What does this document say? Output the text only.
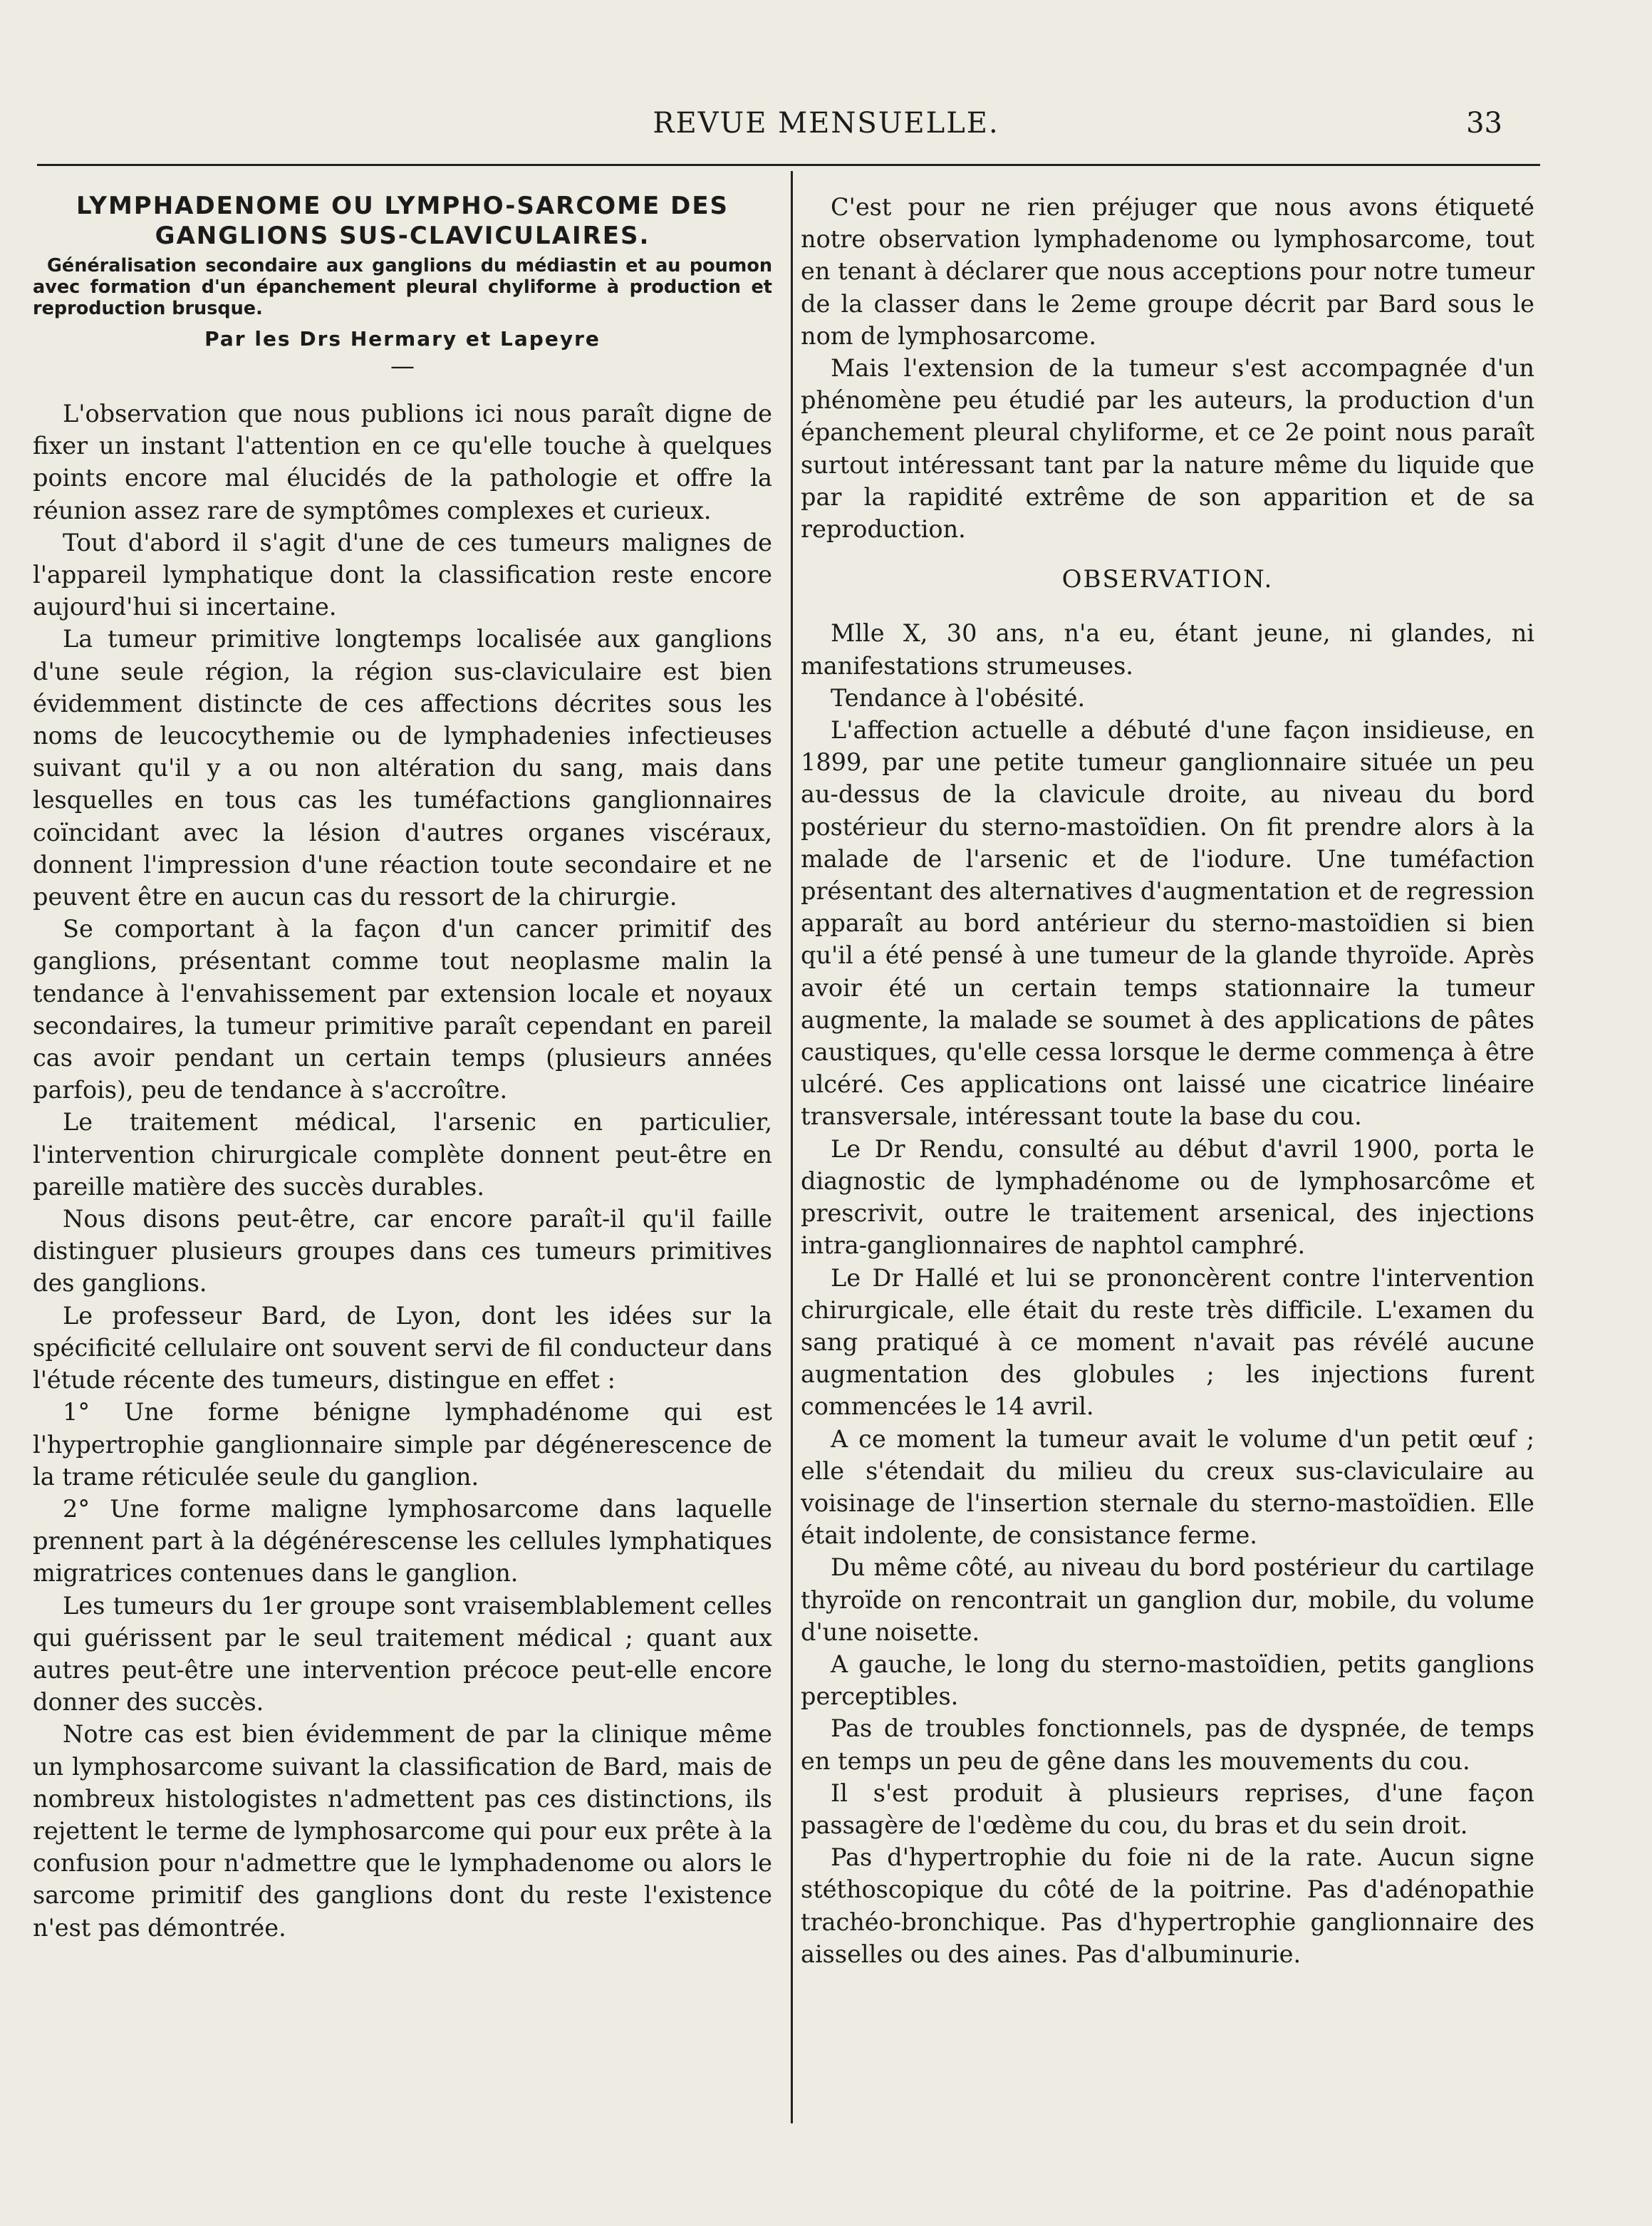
REVUE MENSUELLE.	33
LYMPHADENOME OU LYMPHO-SARCOME DES GANGLIONS SUS-CLAVICULAIRES.
Généralisation secondaire aux ganglions du médiastin et au poumon avec formation d'un épanchement pleural chyliforme à production et reproduction brusque.
Par les Drs Hermary et Lapeyre
—

L'observation que nous publions ici nous paraît digne de fixer un instant l'attention en ce qu'elle touche à quelques points encore mal élucidés de la pathologie et offre la réunion assez rare de symptômes complexes et curieux.

Tout d'abord il s'agit d'une de ces tumeurs malignes de l'appareil lymphatique dont la classification reste encore aujourd'hui si incertaine.

La tumeur primitive longtemps localisée aux ganglions d'une seule région, la région sus-claviculaire est bien évidemment distincte de ces affections décrites sous les noms de leucocythemie ou de lymphadenies infectieuses suivant qu'il y a ou non altération du sang, mais dans lesquelles en tous cas les tuméfactions ganglionnaires coïncidant avec la lésion d'autres organes viscéraux, donnent l'impression d'une réaction toute secondaire et ne peuvent être en aucun cas du ressort de la chirurgie.

Se comportant à la façon d'un cancer primitif des ganglions, présentant comme tout neoplasme malin la tendance à l'envahissement par extension locale et noyaux secondaires, la tumeur primitive paraît cependant en pareil cas avoir pendant un certain temps (plusieurs années parfois), peu de tendance à s'accroître.

Le traitement médical, l'arsenic en particulier, l'intervention chirurgicale complète donnent peut-être en pareille matière des succès durables.

Nous disons peut-être, car encore paraît-il qu'il faille distinguer plusieurs groupes dans ces tumeurs primitives des ganglions.

Le professeur Bard, de Lyon, dont les idées sur la spécificité cellulaire ont souvent servi de fil conducteur dans l'étude récente des tumeurs, distingue en effet :

1° Une forme bénigne lymphadénome qui est l'hypertrophie ganglionnaire simple par dégénerescence de la trame réticulée seule du ganglion.

2° Une forme maligne lymphosarcome dans laquelle prennent part à la dégénérescense les cellules lymphatiques migratrices contenues dans le ganglion.

Les tumeurs du 1er groupe sont vraisemblablement celles qui guérissent par le seul traitement médical ; quant aux autres peut-être une intervention précoce peut-elle encore donner des succès.

Notre cas est bien évidemment de par la clinique même un lymphosarcome suivant la classification de Bard, mais de nombreux histologistes n'admettent pas ces distinctions, ils rejettent le terme de lymphosarcome qui pour eux prête à la confusion pour n'admettre que le lymphadenome ou alors le sarcome primitif des ganglions dont du reste l'existence n'est pas démontrée.

C'est pour ne rien préjuger que nous avons étiqueté notre observation lymphadenome ou lymphosarcome, tout en tenant à déclarer que nous acceptions pour notre tumeur de la classer dans le 2eme groupe décrit par Bard sous le nom de lymphosarcome.

Mais l'extension de la tumeur s'est accompagnée d'un phénomène peu étudié par les auteurs, la production d'un épanchement pleural chyliforme, et ce 2e point nous paraît surtout intéressant tant par la nature même du liquide que par la rapidité extrême de son apparition et de sa reproduction.

OBSERVATION.

Mlle X, 30 ans, n'a eu, étant jeune, ni glandes, ni manifestations strumeuses.

Tendance à l'obésité.

L'affection actuelle a débuté d'une façon insidieuse, en 1899, par une petite tumeur ganglionnaire située un peu au-dessus de la clavicule droite, au niveau du bord postérieur du sterno-mastoïdien. On fit prendre alors à la malade de l'arsenic et de l'iodure. Une tuméfaction présentant des alternatives d'augmentation et de regression apparaît au bord antérieur du sterno-mastoïdien si bien qu'il a été pensé à une tumeur de la glande thyroïde. Après avoir été un certain temps stationnaire la tumeur augmente, la malade se soumet à des applications de pâtes caustiques, qu'elle cessa lorsque le derme commença à être ulcéré. Ces applications ont laissé une cicatrice linéaire transversale, intéressant toute la base du cou.

Le Dr Rendu, consulté au début d'avril 1900, porta le diagnostic de lymphadénome ou de lymphosarcôme et prescrivit, outre le traitement arsenical, des injections intra-ganglionnaires de naphtol camphré.

Le Dr Hallé et lui se prononcèrent contre l'intervention chirurgicale, elle était du reste très difficile. L'examen du sang pratiqué à ce moment n'avait pas révélé aucune augmentation des globules ; les injections furent commencées le 14 avril.

A ce moment la tumeur avait le volume d'un petit œuf ; elle s'étendait du milieu du creux sus-claviculaire au voisinage de l'insertion sternale du sterno-mastoïdien. Elle était indolente, de consistance ferme.

Du même côté, au niveau du bord postérieur du cartilage thyroïde on rencontrait un ganglion dur, mobile, du volume d'une noisette.

A gauche, le long du sterno-mastoïdien, petits ganglions perceptibles.

Pas de troubles fonctionnels, pas de dyspnée, de temps en temps un peu de gêne dans les mouvements du cou.

Il s'est produit à plusieurs reprises, d'une façon passagère de l'œdème du cou, du bras et du sein droit.

Pas d'hypertrophie du foie ni de la rate. Aucun signe stéthoscopique du côté de la poitrine. Pas d'adénopathie trachéo-bronchique. Pas d'hypertrophie ganglionnaire des aisselles ou des aines. Pas d'albuminurie.
